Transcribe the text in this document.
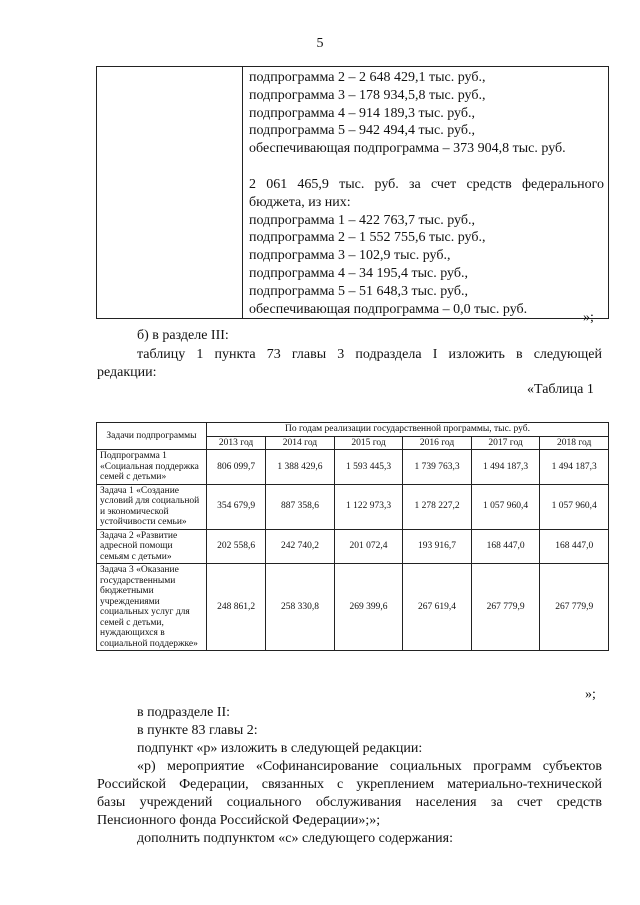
5

подпрограмма 2 – 2 648 429,1 тыс. руб.,
подпрограмма 3 – 178 934,5,8 тыс. руб.,
подпрограмма 4 – 914 189,3 тыс. руб.,
подпрограмма 5 – 942 494,4 тыс. руб.,
обеспечивающая подпрограмма – 373 904,8 тыс. руб.
2 061 465,9 тыс. руб. за счет средств федерального
бюджета, из них:
подпрограмма 1 – 422 763,7 тыс. руб.,
подпрограмма 2 – 1 552 755,6 тыс. руб.,
подпрограмма 3 – 102,9 тыс. руб.,
подпрограмма 4 – 34 195,4 тыс. руб.,
подпрограмма 5 – 51 648,3 тыс. руб.,
обеспечивающая подпрограмма – 0,0 тыс. руб.
»;
б) в разделе III:
таблицу 1 пункта 73 главы 3 подраздела I изложить в следующей
редакции:
«Таблица 1
Задачи подпрограммы	По годам реализации государственной программы, тыс. руб.					
	2013 год	2014 год	2015 год	2016 год	2017 год	2018 год
Подпрограмма 1 «Социальная поддержка семей с детьми»	806 099,7	1 388 429,6	1 593 445,3	1 739 763,3	1 494 187,3	1 494 187,3
Задача 1 «Создание условий для социальной и экономической устойчивости семьи»	354 679,9	887 358,6	1 122 973,3	1 278 227,2	1 057 960,4	1 057 960,4
Задача 2 «Развитие адресной помощи семьям с детьми»	202 558,6	242 740,2	201 072,4	193 916,7	168 447,0	168 447,0
Задача 3 «Оказание государственными бюджетными учреждениями социальных услуг для семей с детьми, нуждающихся в социальной поддержке»	248 861,2	258 330,8	269 399,6	267 619,4	267 779,9	267 779,9
»;
в подразделе II:
в пункте 83 главы 2:
подпункт «р» изложить в следующей редакции:
«р) мероприятие «Софинансирование социальных программ субъектов
Российской Федерации, связанных с укреплением материально-технической
базы учреждений социального обслуживания населения за счет средств
Пенсионного фонда Российской Федерации»;»;
дополнить подпунктом «с» следующего содержания:
